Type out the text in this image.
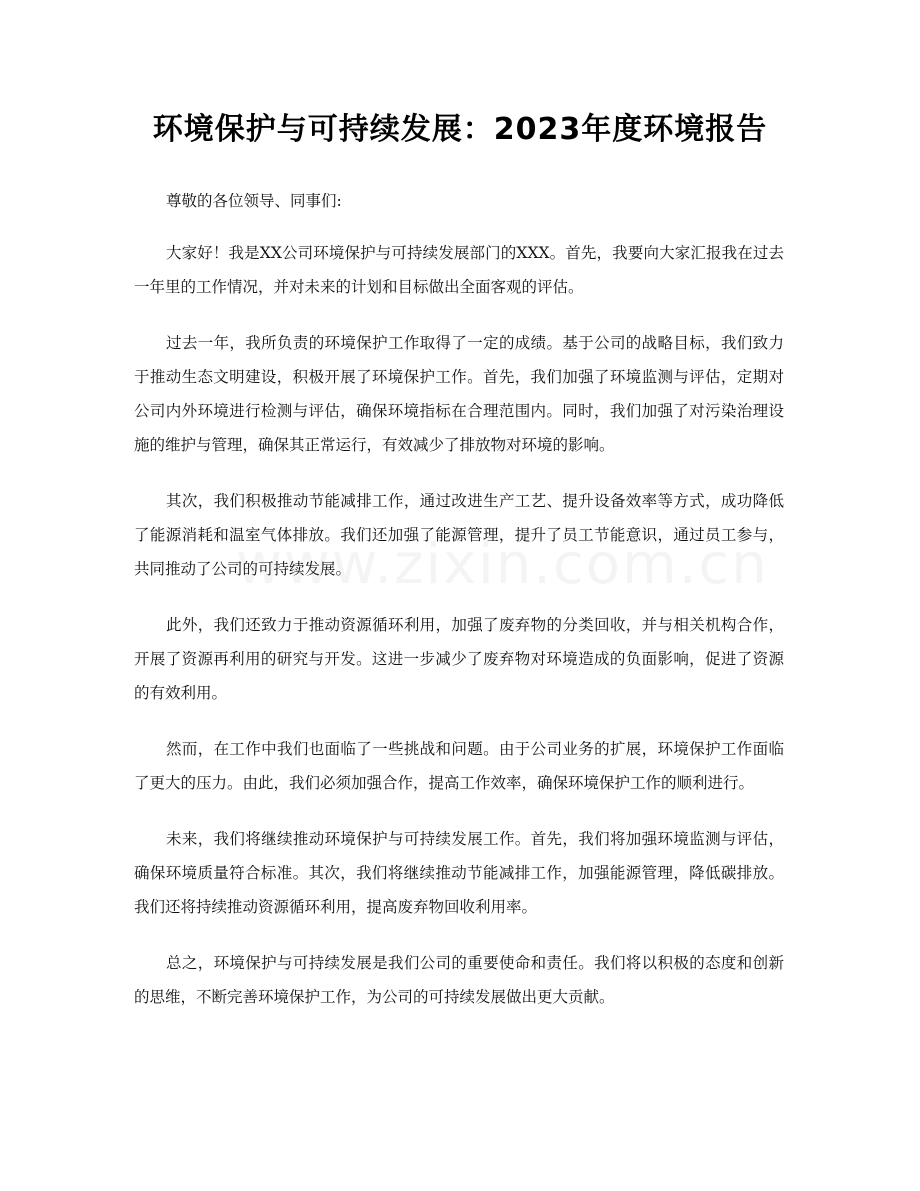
环境保护与可持续发展：2023年度环境报告

尊敬的各位领导、同事们:

大家好！我是XX公司环境保护与可持续发展部门的XXX。首先，我要向大家汇报我在过去一年里的工作情况，并对未来的计划和目标做出全面客观的评估。

过去一年，我所负责的环境保护工作取得了一定的成绩。基于公司的战略目标，我们致力于推动生态文明建设，积极开展了环境保护工作。首先，我们加强了环境监测与评估，定期对公司内外环境进行检测与评估，确保环境指标在合理范围内。同时，我们加强了对污染治理设施的维护与管理，确保其正常运行，有效减少了排放物对环境的影响。

其次，我们积极推动节能减排工作，通过改进生产工艺、提升设备效率等方式，成功降低了能源消耗和温室气体排放。我们还加强了能源管理，提升了员工节能意识，通过员工参与，共同推动了公司的可持续发展。

此外，我们还致力于推动资源循环利用，加强了废弃物的分类回收，并与相关机构合作，开展了资源再利用的研究与开发。这进一步减少了废弃物对环境造成的负面影响，促进了资源的有效利用。

然而，在工作中我们也面临了一些挑战和问题。由于公司业务的扩展，环境保护工作面临了更大的压力。由此，我们必须加强合作，提高工作效率，确保环境保护工作的顺利进行。

未来，我们将继续推动环境保护与可持续发展工作。首先，我们将加强环境监测与评估，确保环境质量符合标准。其次，我们将继续推动节能减排工作，加强能源管理，降低碳排放。我们还将持续推动资源循环利用，提高废弃物回收利用率。

总之，环境保护与可持续发展是我们公司的重要使命和责任。我们将以积极的态度和创新的思维，不断完善环境保护工作，为公司的可持续发展做出更大贡献。
